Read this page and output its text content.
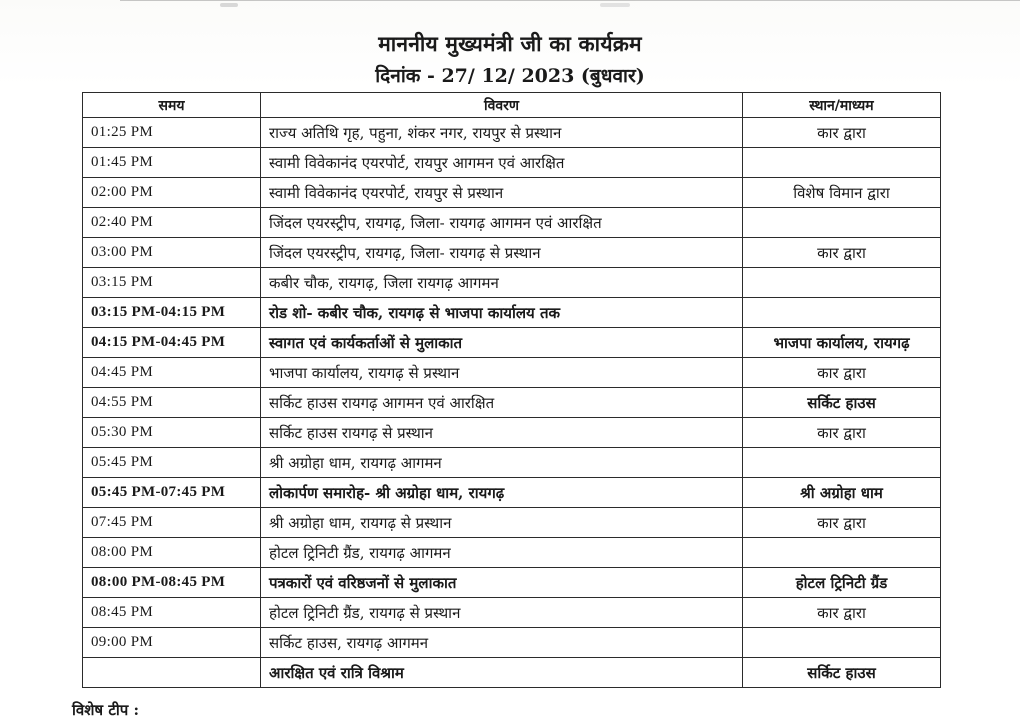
माननीय मुख्यमंत्री जी का कार्यक्रम
दिनांक - 27/ 12/ 2023 (बुधवार)
समय	विवरण	स्थान/माध्यम
01:25 PM	राज्य अतिथि गृह, पहुना, शंकर नगर, रायपुर से प्रस्थान	कार द्वारा
01:45 PM	स्वामी विवेकानंद एयरपोर्ट, रायपुर आगमन एवं आरक्षित	
02:00 PM	स्वामी विवेकानंद एयरपोर्ट, रायपुर से प्रस्थान	विशेष विमान द्वारा
02:40 PM	जिंदल एयरस्ट्रीप, रायगढ़, जिला- रायगढ़ आगमन एवं आरक्षित	
03:00 PM	जिंदल एयरस्ट्रीप, रायगढ़, जिला- रायगढ़ से प्रस्थान	कार द्वारा
03:15 PM	कबीर चौक, रायगढ़, जिला रायगढ़ आगमन	
03:15 PM-04:15 PM	रोड शो- कबीर चौक, रायगढ़ से भाजपा कार्यालय तक	
04:15 PM-04:45 PM	स्वागत एवं कार्यकर्ताओं से मुलाकात	भाजपा कार्यालय, रायगढ़
04:45 PM	भाजपा कार्यालय, रायगढ़ से प्रस्थान	कार द्वारा
04:55 PM	सर्किट हाउस रायगढ़ आगमन एवं आरक्षित	सर्किट हाउस
05:30 PM	सर्किट हाउस रायगढ़ से प्रस्थान	कार द्वारा
05:45 PM	श्री अग्रोहा धाम, रायगढ़ आगमन	
05:45 PM-07:45 PM	लोकार्पण समारोह- श्री अग्रोहा धाम, रायगढ़	श्री अग्रोहा धाम
07:45 PM	श्री अग्रोहा धाम, रायगढ़ से प्रस्थान	कार द्वारा
08:00 PM	होटल ट्रिनिटी ग्रैंड, रायगढ़ आगमन	
08:00 PM-08:45 PM	पत्रकारों एवं वरिष्ठजनों से मुलाकात	होटल ट्रिनिटी ग्रैंड
08:45 PM	होटल ट्रिनिटी ग्रैंड, रायगढ़ से प्रस्थान	कार द्वारा
09:00 PM	सर्किट हाउस, रायगढ़ आगमन	
	आरक्षित एवं रात्रि विश्राम	सर्किट हाउस
विशेष टीप :
